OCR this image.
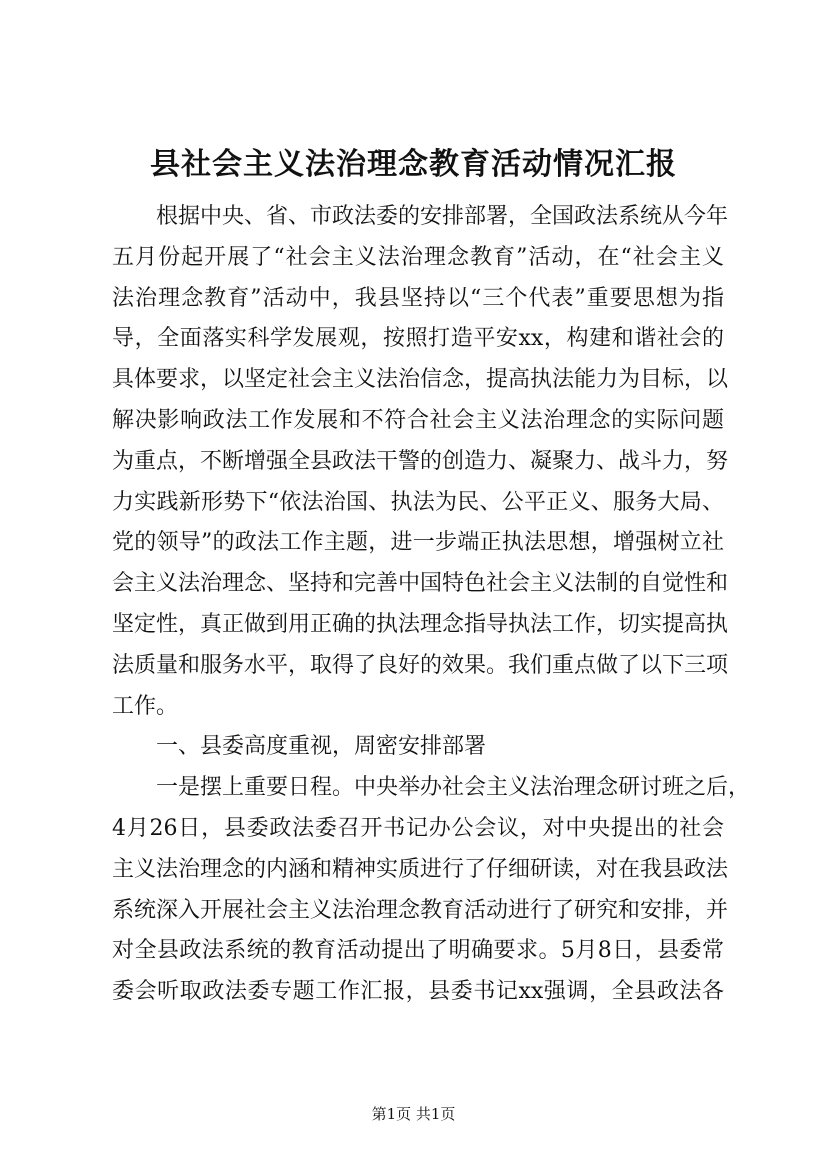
县社会主义法治理念教育活动情况汇报
根据中央、省、市政法委的安排部署，全国政法系统从今年
五月份起开展了“社会主义法治理念教育”活动，在“社会主义
法治理念教育”活动中，我县坚持以“三个代表”重要思想为指
导，全面落实科学发展观，按照打造平安xx，构建和谐社会的
具体要求，以坚定社会主义法治信念，提高执法能力为目标，以
解决影响政法工作发展和不符合社会主义法治理念的实际问题
为重点，不断增强全县政法干警的创造力、凝聚力、战斗力，努
力实践新形势下“依法治国、执法为民、公平正义、服务大局、
党的领导”的政法工作主题，进一步端正执法思想，增强树立社
会主义法治理念、坚持和完善中国特色社会主义法制的自觉性和
坚定性，真正做到用正确的执法理念指导执法工作，切实提高执
法质量和服务水平，取得了良好的效果。我们重点做了以下三项
工作。
一、县委高度重视，周密安排部署
一是摆上重要日程。中央举办社会主义法治理念研讨班之后，
4月26日，县委政法委召开书记办公会议，对中央提出的社会
主义法治理念的内涵和精神实质进行了仔细研读，对在我县政法
系统深入开展社会主义法治理念教育活动进行了研究和安排，并
对全县政法系统的教育活动提出了明确要求。5月8日，县委常
委会听取政法委专题工作汇报，县委书记xx强调，全县政法各
第1页 共1页
